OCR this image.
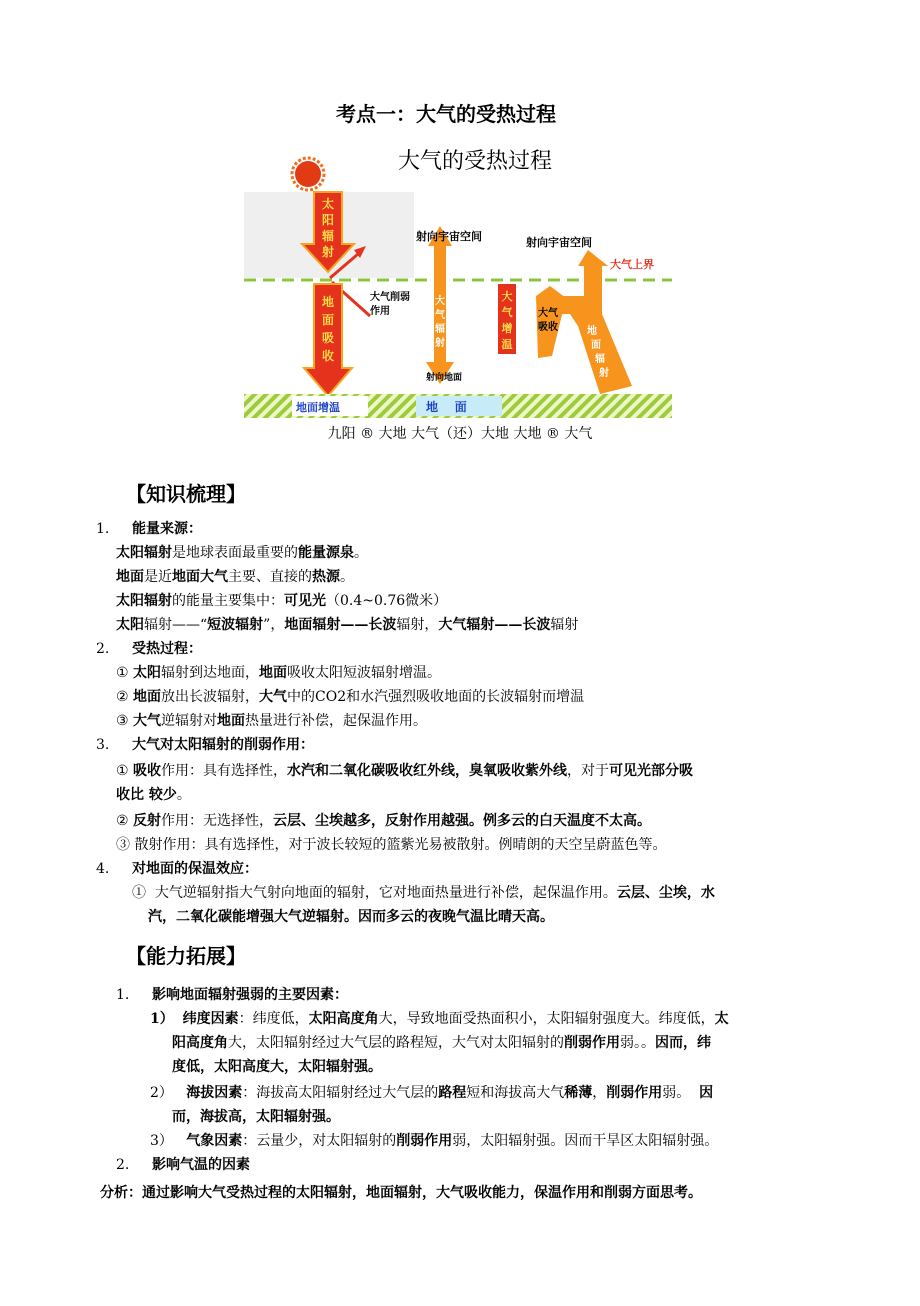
考点一：大气的受热过程
大气的受热过程
太
阳
辐
射
地
面
吸
收
大气削弱
作用
大
气
辐
射
射向宇宙空间
射向地面
大
气
增
温
射向宇宙空间
大气上界
大气
吸收	地
面
辐
射
地面增温	地    面
九阳 ® 大地 大气（还）大地 大地 ® 大气
【知识梳理】
1. 能量来源：
太阳辐射是地球表面最重要的能量源泉。
地面是近地面大气主要、直接的热源。
太阳辐射的能量主要集中：可见光（0.4~0.76微米）
太阳辐射——“短波辐射”，地面辐射——长波辐射，大气辐射——长波辐射
2. 受热过程：
① 太阳辐射到达地面，地面吸收太阳短波辐射增温。
② 地面放出长波辐射，大气中的CO2和水汽强烈吸收地面的长波辐射而增温
③ 大气逆辐射对地面热量进行补偿，起保温作用。
3. 大气对太阳辐射的削弱作用：
① 吸收作用：具有选择性，水汽和二氧化碳吸收红外线，臭氧吸收紫外线，对于可见光部分吸
收比 较少。
② 反射作用：无选择性，云层、尘埃越多，反射作用越强。例多云的白天温度不太高。
③ 散射作用：具有选择性，对于波长较短的篮紫光易被散射。例晴朗的天空呈蔚蓝色等。
4. 对地面的保温效应：
①  大气逆辐射指大气射向地面的辐射，它对地面热量进行补偿，起保温作用。云层、尘埃，水
汽，二氧化碳能增强大气逆辐射。因而多云的夜晚气温比晴天高。
【能力拓展】
1. 影响地面辐射强弱的主要因素：
1） 纬度因素：纬度低，太阳高度角大，导致地面受热面积小，太阳辐射强度大。纬度低，太
阳高度角大，太阳辐射经过大气层的路程短，大气对太阳辐射的削弱作用弱。。因而，纬
度低，太阳高度大，太阳辐射强。
2）   海拔因素：海拔高太阳辐射经过大气层的路程短和海拔高大气稀薄，削弱作用弱。  因
而，海拔高，太阳辐射强。
3）   气象因素：云量少，对太阳辐射的削弱作用弱，太阳辐射强。因而干旱区太阳辐射强。
2. 影响气温的因素
分析：通过影响大气受热过程的太阳辐射，地面辐射，大气吸收能力，保温作用和削弱方面思考。
